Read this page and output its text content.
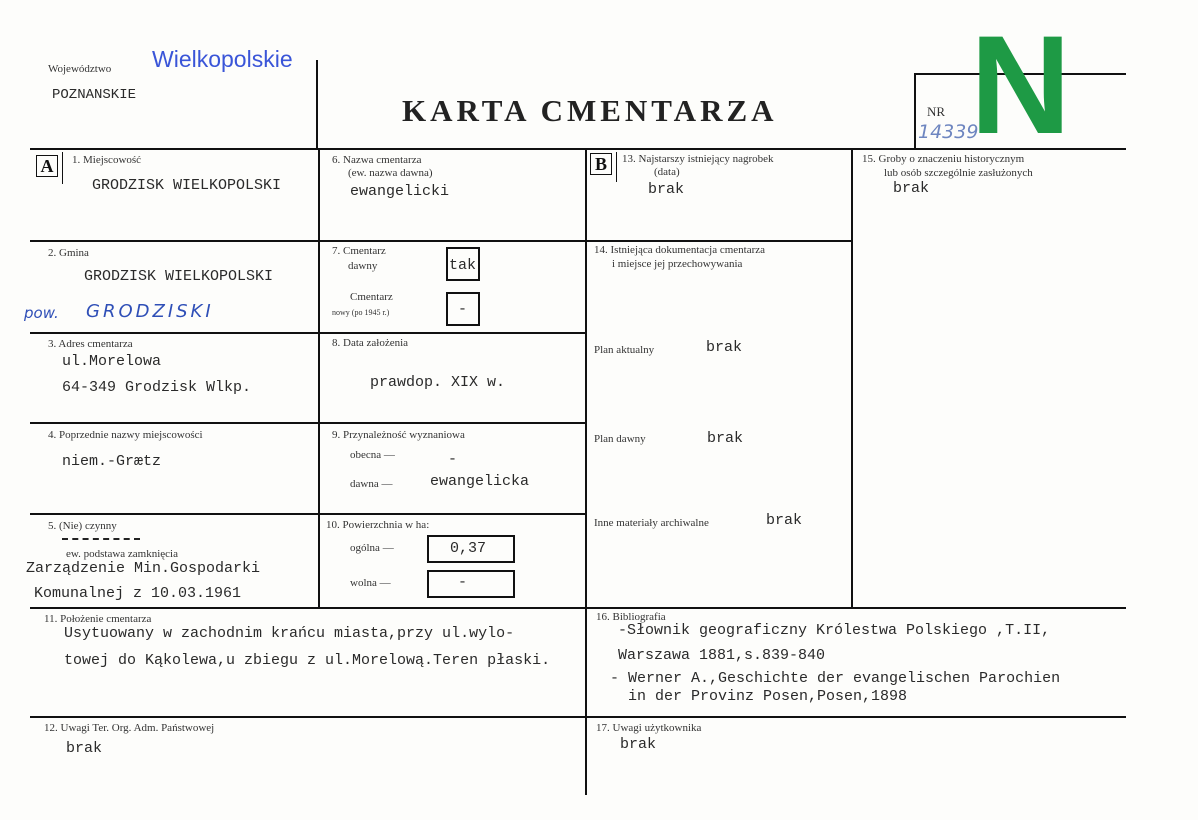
Województwo Wielkopolskie
POZNANSKIE	KARTA CMENTARZA	NR
14339
N
A	1. Miejscowość
GRODZISK WIELKOPOLSKI
2. Gmina
GRODZISK WIELKOPOLSKI
pow. GRODZISKI
3. Adres cmentarza
ul.Morelowa
64-349 Grodzisk Wlkp.
4. Poprzednie nazwy miejscowości
niem.-Grætz
5. (Nie) czynny
ew. podstawa zamknięcia
Zarządzenie Min.Gospodarki
Komunalnej z 10.03.1961
6. Nazwa cmentarza
(ew. nazwa dawna)
ewangelicki
7. Cmentarz
dawny	tak
Cmentarz
nowy (po 1945 r.)	-
8. Data założenia
prawdop. XIX w.
9. Przynależność wyznaniowa
obecna —	-
dawna —	ewangelicka
10. Powierzchnia w ha:
ogólna —	0,37
wolna —	-
B	13. Najstarszy istniejący nagrobek
(data)
brak
14. Istniejąca dokumentacja cmentarza
i miejsce jej przechowywania
Plan aktualny	brak
Plan dawny	brak
Inne materiały archiwalne	brak
15. Groby o znaczeniu historycznym
lub osób szczególnie zasłużonych
brak
11. Położenie cmentarza
Usytuowany w zachodnim krańcu miasta,przy ul.wylo-
towej do Kąkolewa,u zbiegu z ul.Morelową.Teren płaski.
16. Bibliografia
-Słownik geograficzny Królestwa Polskiego ,T.II,
Warszawa 1881,s.839-840
- Werner A.,Geschichte der evangelischen Parochien
in der Provinz Posen,Posen,1898
12. Uwagi Ter. Org. Adm. Państwowej
brak
17. Uwagi użytkownika
brak
